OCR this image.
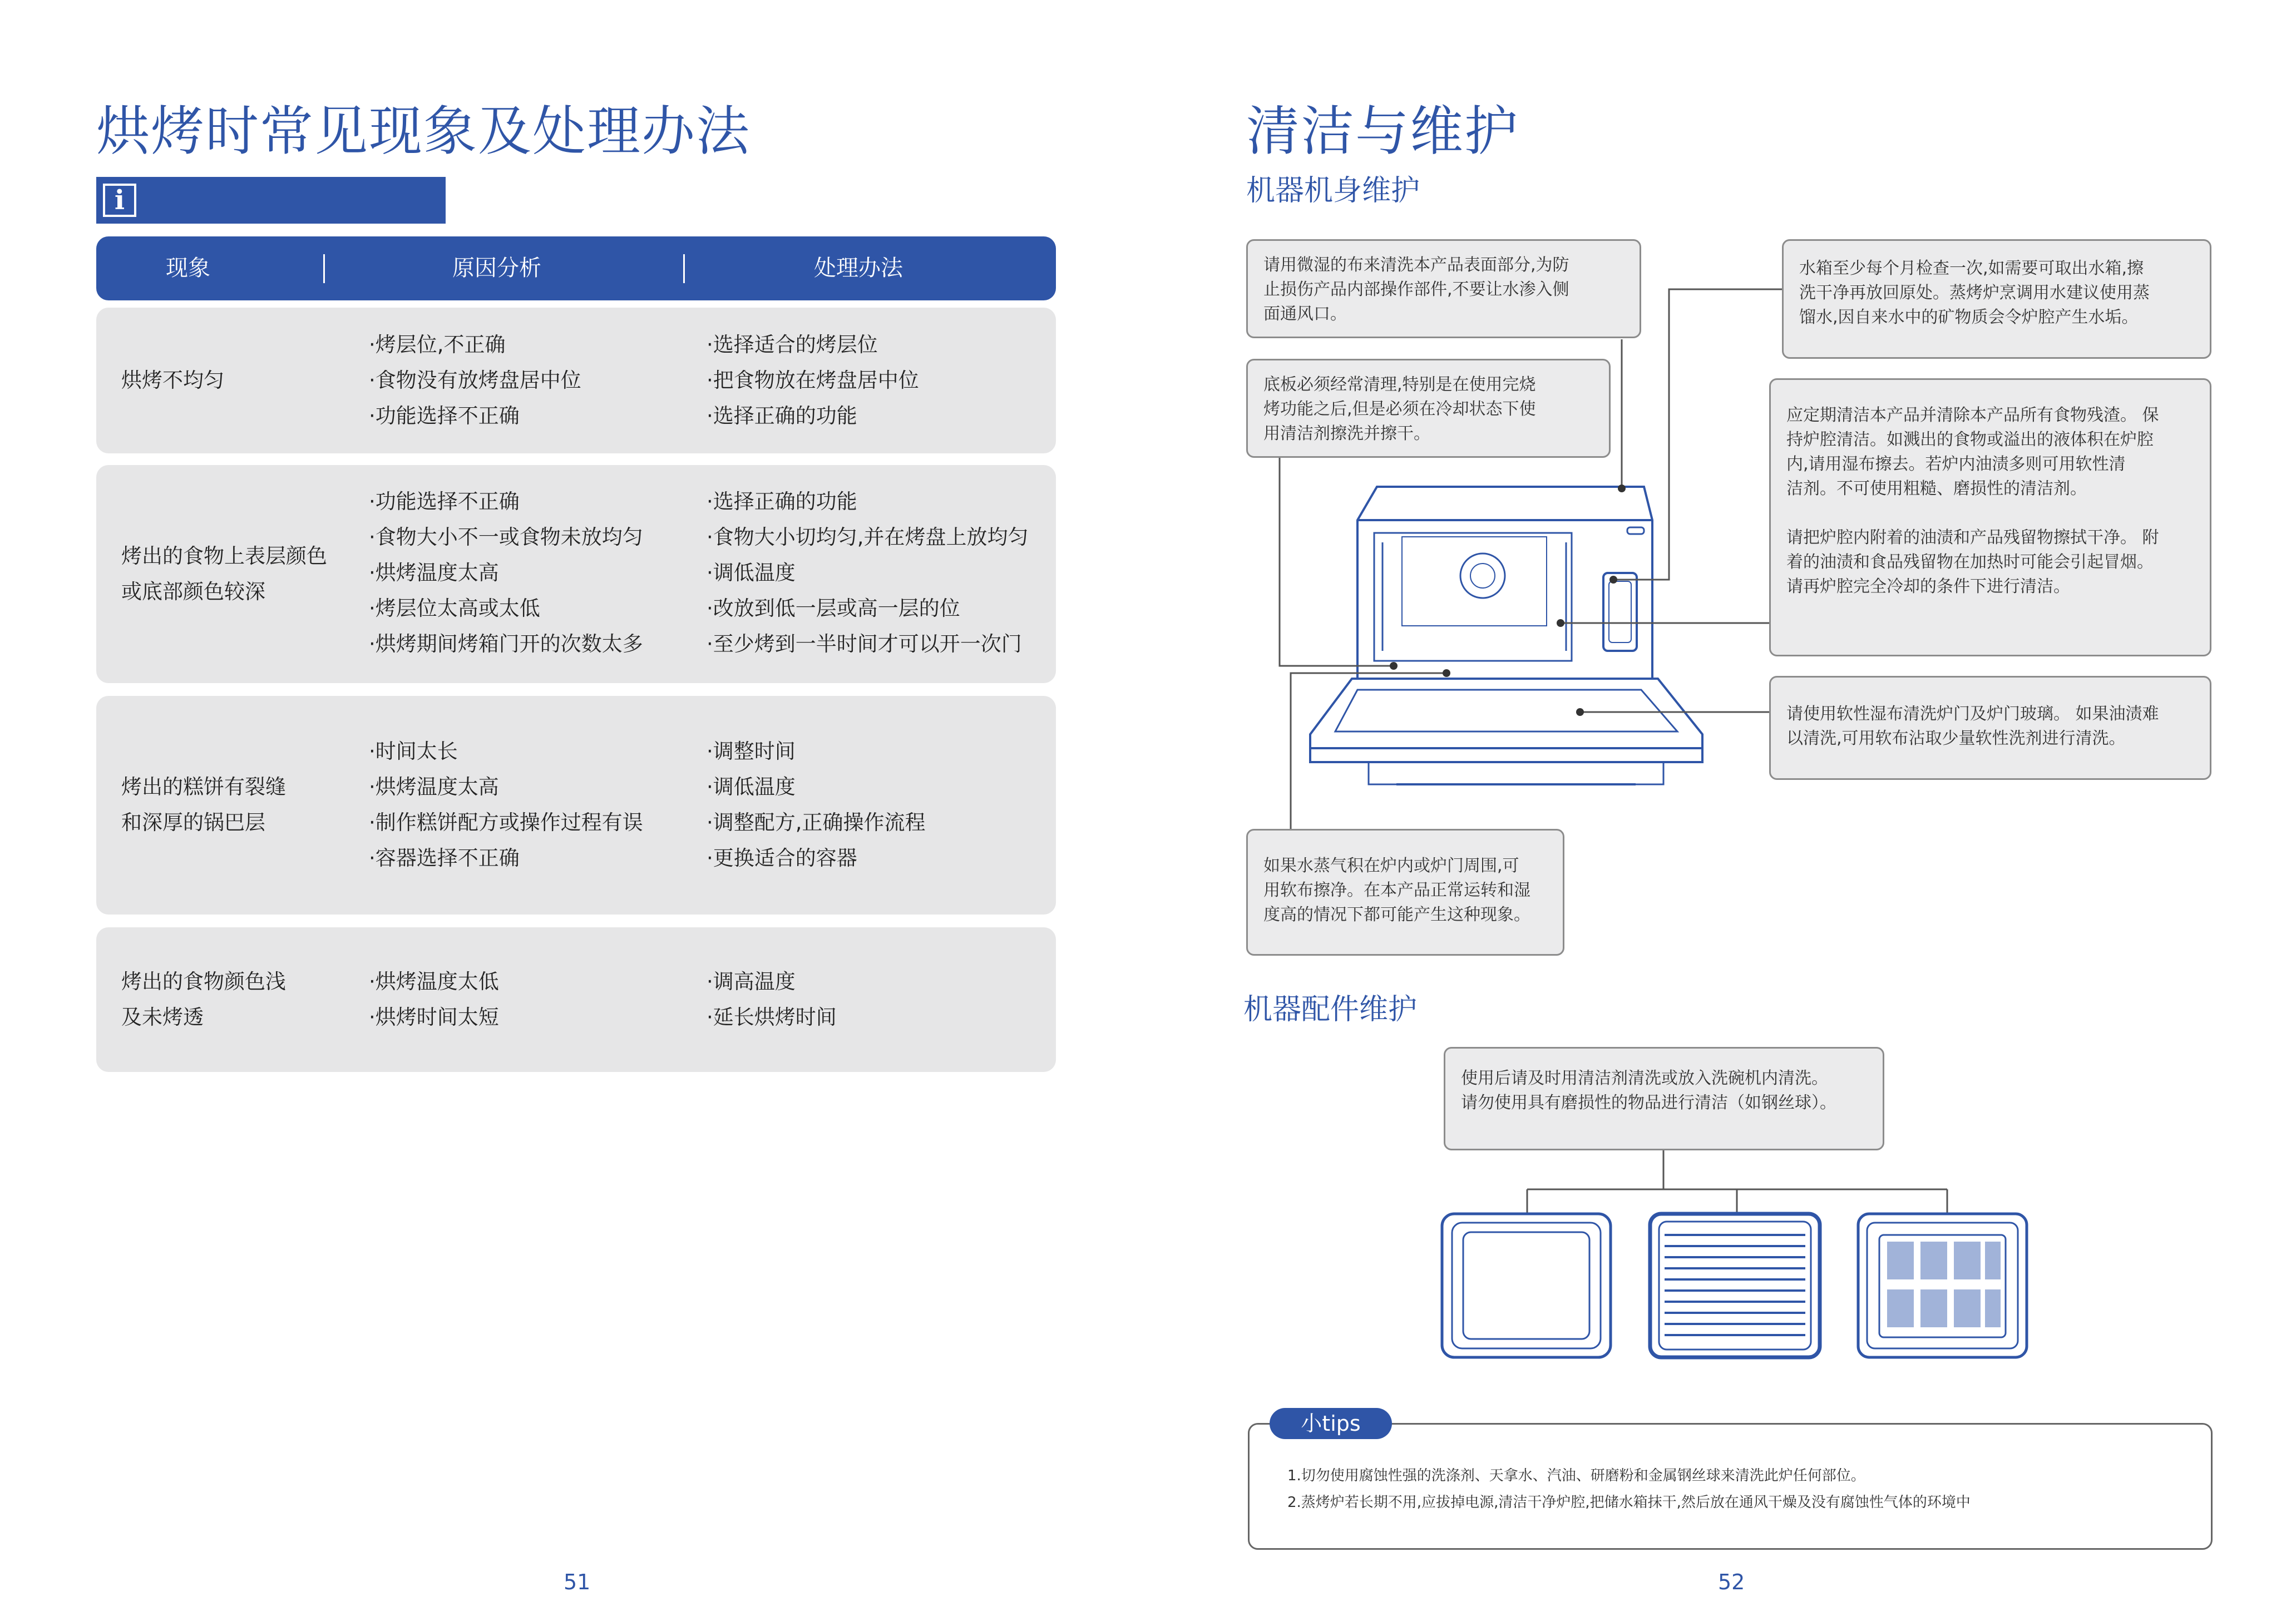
烘烤时常见现象及处理办法
i
现象	原因分析	处理办法
烘烤不均匀
·烤层位,不正确
·食物没有放烤盘居中位
·功能选择不正确
·选择适合的烤层位
·把食物放在烤盘居中位
·选择正确的功能
烤出的食物上表层颜色
或底部颜色较深
·功能选择不正确
·食物大小不一或食物未放均匀
·烘烤温度太高
·烤层位太高或太低
·烘烤期间烤箱门开的次数太多
·选择正确的功能
·食物大小切均匀,并在烤盘上放均匀
·调低温度
·改放到低一层或高一层的位
·至少烤到一半时间才可以开一次门
烤出的糕饼有裂缝
和深厚的锅巴层
·时间太长
·烘烤温度太高
·制作糕饼配方或操作过程有误
·容器选择不正确
·调整时间
·调低温度
·调整配方,正确操作流程
·更换适合的容器
烤出的食物颜色浅
及未烤透
·烘烤温度太低
·烘烤时间太短
·调高温度
·延长烘烤时间
51
清洁与维护
机器机身维护
请用微湿的布来清洗本产品表面部分,为防
止损伤产品内部操作部件,不要让水渗入侧
面通风口。
底板必须经常清理,特别是在使用完烧
烤功能之后,但是必须在冷却状态下使
用清洁剂擦洗并擦干。
水箱至少每个月检查一次,如需要可取出水箱,擦
洗干净再放回原处。蒸烤炉烹调用水建议使用蒸
馏水,因自来水中的矿物质会令炉腔产生水垢。
应定期清洁本产品并清除本产品所有食物残渣。 保
持炉腔清洁。如溅出的食物或溢出的液体积在炉腔
内,请用湿布擦去。若炉内油渍多则可用软性清
洁剂。不可使用粗糙、磨损性的清洁剂。
请把炉腔内附着的油渍和产品残留物擦拭干净。 附
着的油渍和食品残留物在加热时可能会引起冒烟。
请再炉腔完全冷却的条件下进行清洁。
请使用软性湿布清洗炉门及炉门玻璃。 如果油渍难
以清洗,可用软布沾取少量软性洗剂进行清洗。
如果水蒸气积在炉内或炉门周围,可
用软布擦净。在本产品正常运转和湿
度高的情况下都可能产生这种现象。
机器配件维护
使用后请及时用清洁剂清洗或放入洗碗机内清洗。
请勿使用具有磨损性的物品进行清洁（如钢丝球）。
1.切勿使用腐蚀性强的洗涤剂、天拿水、汽油、研磨粉和金属钢丝球来清洗此炉任何部位。
2.蒸烤炉若长期不用,应拔掉电源,清洁干净炉腔,把储水箱抹干,然后放在通风干燥及没有腐蚀性气体的环境中
小tips
52
